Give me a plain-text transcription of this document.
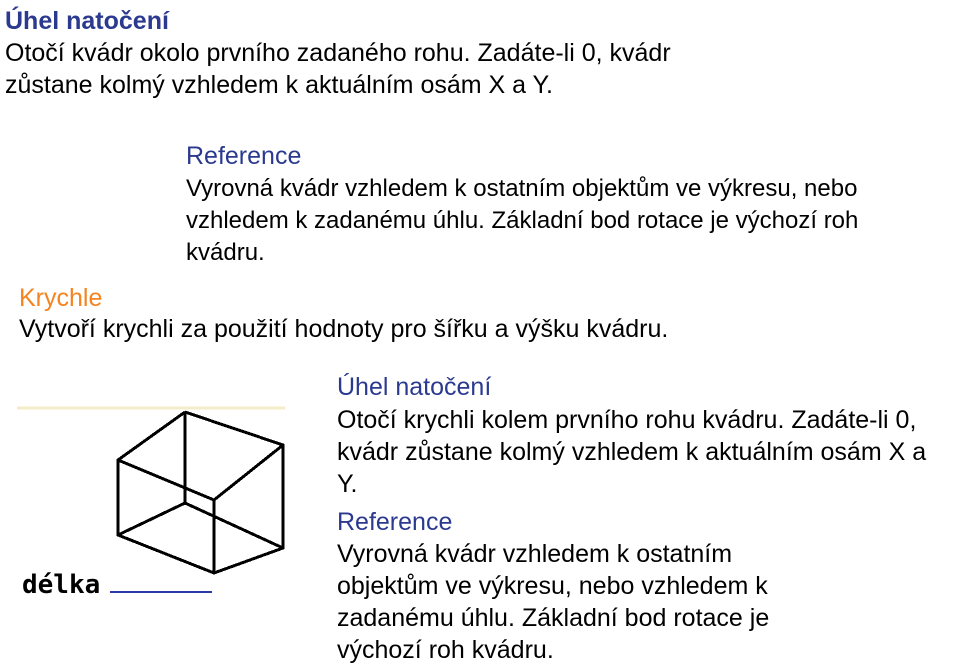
Úhel natočení
Otočí kvádr okolo prvního zadaného rohu. Zadáte-li 0, kvádr
zůstane kolmý vzhledem k aktuálním osám X a Y.
Reference
Vyrovná kvádr vzhledem k ostatním objektům ve výkresu, nebo
vzhledem k zadanému úhlu. Základní bod rotace je výchozí roh
kvádru.
Krychle
Vytvoří krychli za použití hodnoty pro šířku a výšku kvádru.
Úhel natočení
Otočí krychli kolem prvního rohu kvádru. Zadáte-li 0,
kvádr zůstane kolmý vzhledem k aktuálním osám X a
Y.
Reference
Vyrovná kvádr vzhledem k ostatním
objektům ve výkresu, nebo vzhledem k
zadanému úhlu. Základní bod rotace je
výchozí roh kvádru.
délka
